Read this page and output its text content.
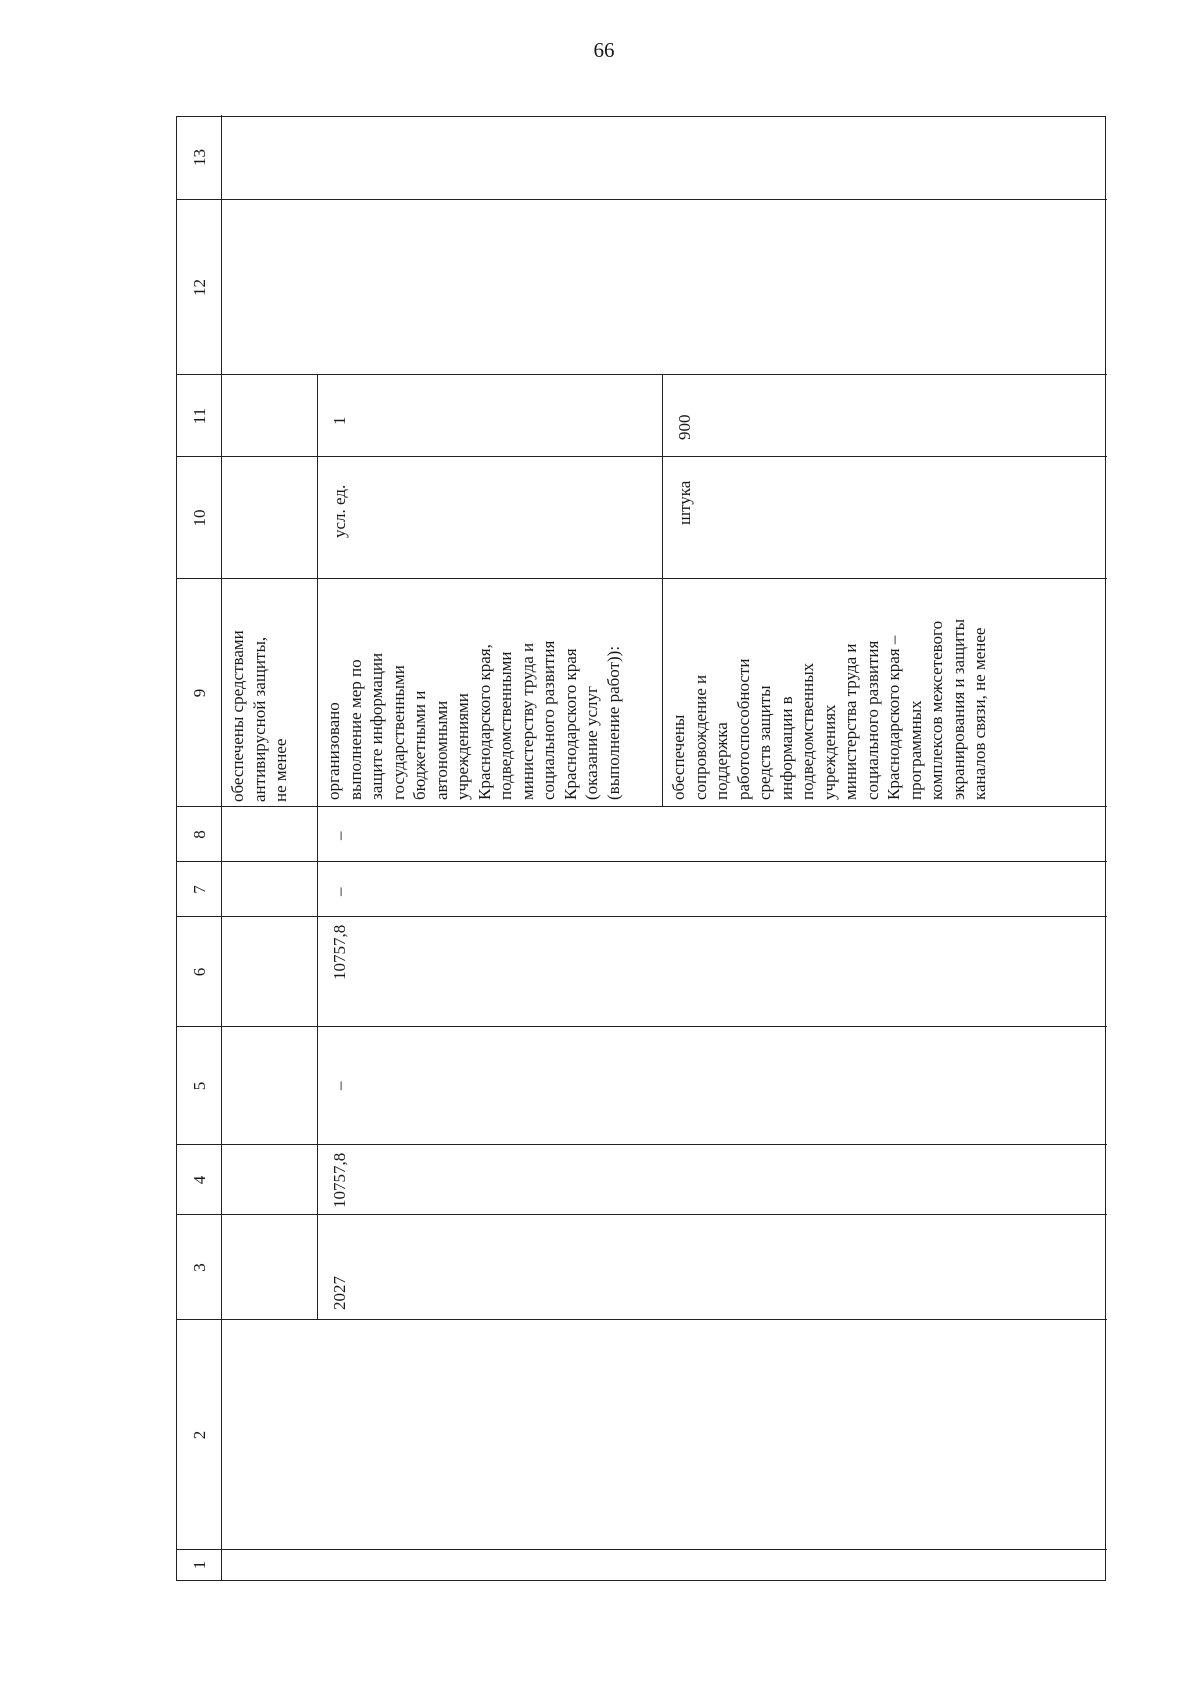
66
1
2
3
4
5
6
7
8
9
10
11
12
13
обеспечены средствами
антивирусной защиты,
не менее
2027
10757,8
–
10757,8
–
–
организовано
выполнение мер по
защите информации
государственными
бюджетными и
автономными
учреждениями
Краснодарского края,
подведомственными
министерству труда и
социального развития
Краснодарского края
(оказание услуг
(выполнение работ)):
усл. ед.
1
обеспечены
сопровождение и
поддержка
работоспособности
средств защиты
информации в
подведомственных
учреждениях
министерства труда и
социального развития
Краснодарского края –
программных
комплексов межсетевого
экранирования и защиты
каналов связи, не менее
штука
900
